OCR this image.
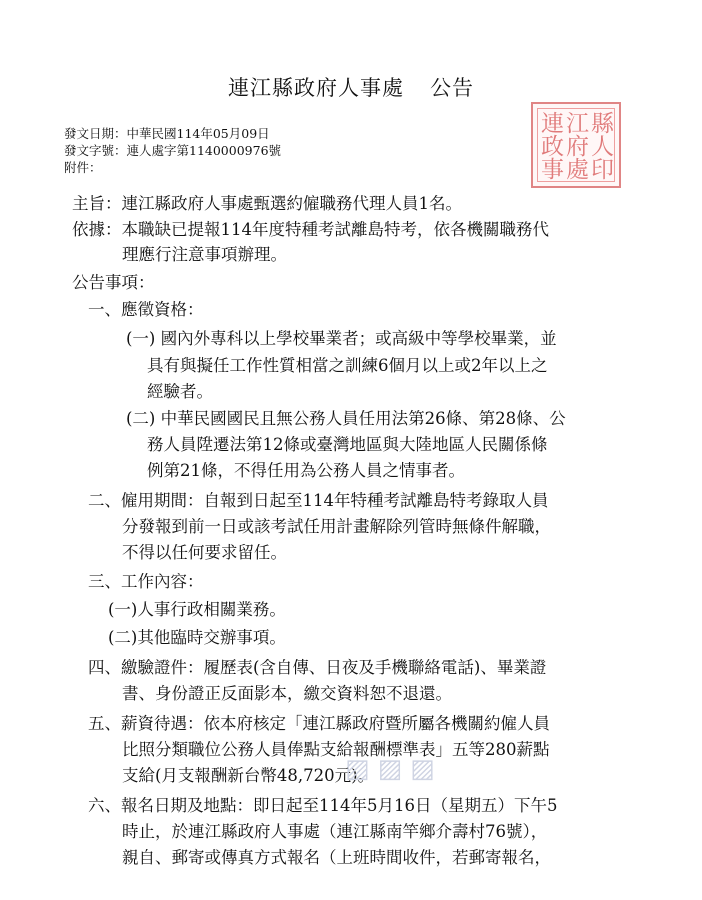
連江縣政府人事處 公告
發文日期：中華民國114年05月09日
發文字號：連人處字第1140000976號
附件：
連 江 縣
政 府 人
事 處 印
主旨：連江縣政府人事處甄選約僱職務代理人員1名。
依據：本職缺已提報114年度特種考試離島特考，依各機關職務代
理應行注意事項辦理。
公告事項：
一、應徵資格：
(一) 國內外專科以上學校畢業者；或高級中等學校畢業，並
具有與擬任工作性質相當之訓練6個月以上或2年以上之
經驗者。
(二) 中華民國國民且無公務人員任用法第26條、第28條、公
務人員陞遷法第12條或臺灣地區與大陸地區人民關係條
例第21條，不得任用為公務人員之情事者。
二、僱用期間：自報到日起至114年特種考試離島特考錄取人員
分發報到前一日或該考試任用計畫解除列管時無條件解職，
不得以任何要求留任。
三、工作內容：
(一)人事行政相關業務。
(二)其他臨時交辦事項。
四、繳驗證件：履歷表(含自傳、日夜及手機聯絡電話)、畢業證
書、身份證正反面影本，繳交資料恕不退還。
五、薪資待遇：依本府核定「連江縣政府暨所屬各機關約僱人員
比照分類職位公務人員俸點支給報酬標準表」五等280薪點
支給(月支報酬新台幣48,720元)。
▨▨▨
六、報名日期及地點：即日起至114年5月16日（星期五）下午5
時止，於連江縣政府人事處（連江縣南竿鄉介壽村76號），
親自、郵寄或傳真方式報名（上班時間收件，若郵寄報名，
